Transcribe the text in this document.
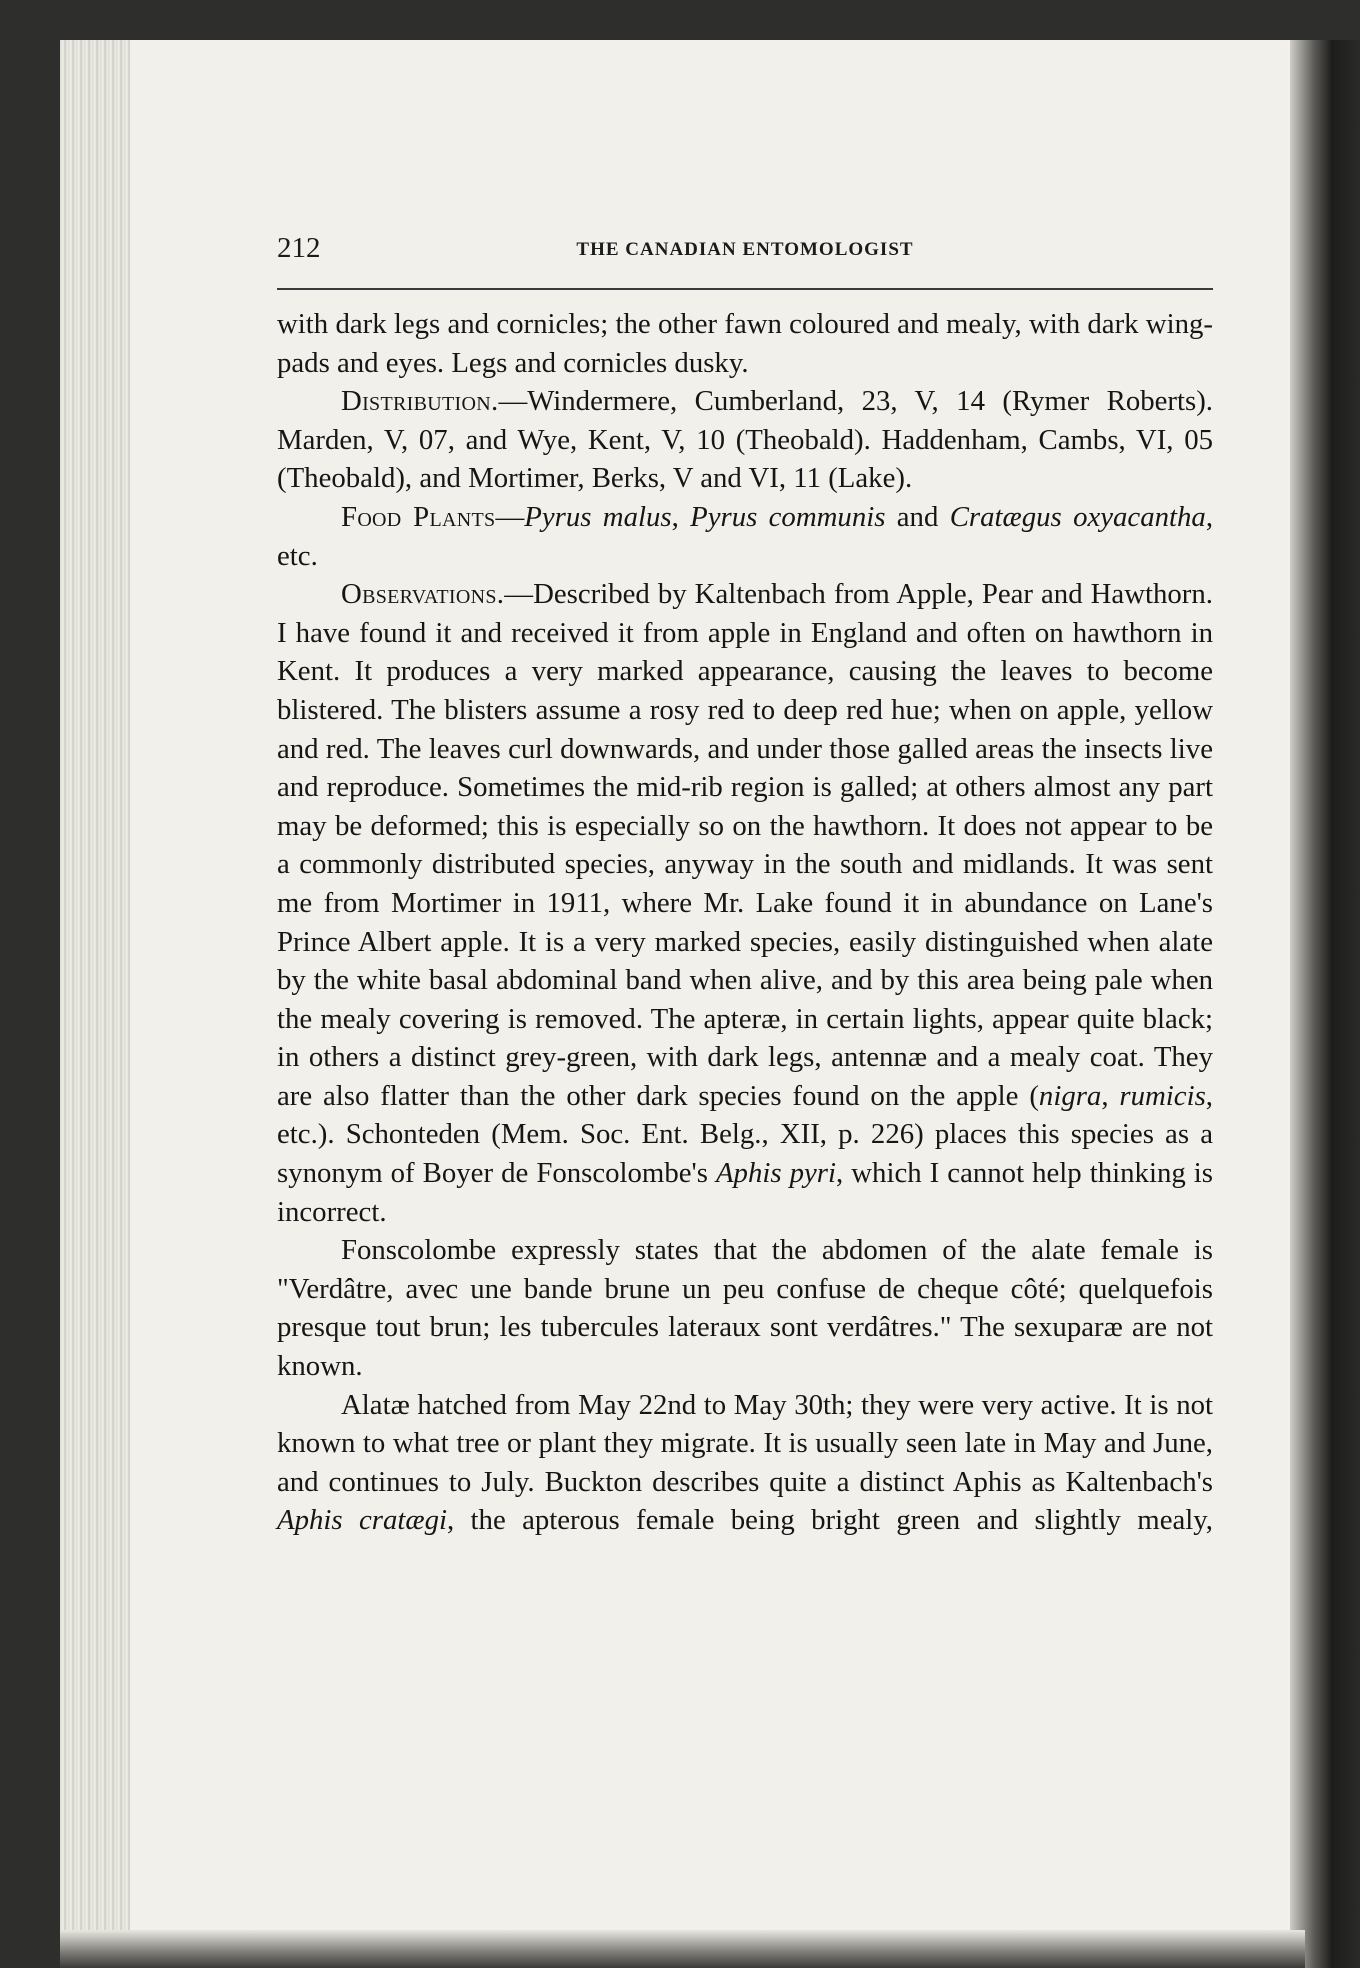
212	THE CANADIAN ENTOMOLOGIST

with dark legs and cornicles; the other fawn coloured and mealy, with dark wing-pads and eyes. Legs and cornicles dusky.

Distribution.—Windermere, Cumberland, 23, V, 14 (Rymer Roberts). Marden, V, 07, and Wye, Kent, V, 10 (Theobald). Haddenham, Cambs, VI, 05 (Theobald), and Mortimer, Berks, V and VI, 11 (Lake).

Food Plants—Pyrus malus, Pyrus communis and Cratægus oxyacantha, etc.

Observations.—Described by Kaltenbach from Apple, Pear and Hawthorn. I have found it and received it from apple in England and often on hawthorn in Kent. It produces a very marked appearance, causing the leaves to become blistered. The blisters assume a rosy red to deep red hue; when on apple, yellow and red. The leaves curl downwards, and under those galled areas the insects live and reproduce. Sometimes the mid-rib region is galled; at others almost any part may be deformed; this is especially so on the hawthorn. It does not appear to be a commonly distributed species, anyway in the south and midlands. It was sent me from Mortimer in 1911, where Mr. Lake found it in abundance on Lane's Prince Albert apple. It is a very marked species, easily distinguished when alate by the white basal abdominal band when alive, and by this area being pale when the mealy covering is removed. The apteræ, in certain lights, appear quite black; in others a distinct grey-green, with dark legs, antennæ and a mealy coat. They are also flatter than the other dark species found on the apple (nigra, rumicis, etc.). Schonteden (Mem. Soc. Ent. Belg., XII, p. 226) places this species as a synonym of Boyer de Fonscolombe's Aphis pyri, which I cannot help thinking is incorrect.

Fonscolombe expressly states that the abdomen of the alate female is "Verdâtre, avec une bande brune un peu confuse de cheque côté; quelquefois presque tout brun; les tubercules lateraux sont verdâtres." The sexuparæ are not known.

Alatæ hatched from May 22nd to May 30th; they were very active. It is not known to what tree or plant they migrate. It is usually seen late in May and June, and continues to July. Buckton describes quite a distinct Aphis as Kaltenbach's Aphis cratægi, the apterous female being bright green and slightly mealy,
